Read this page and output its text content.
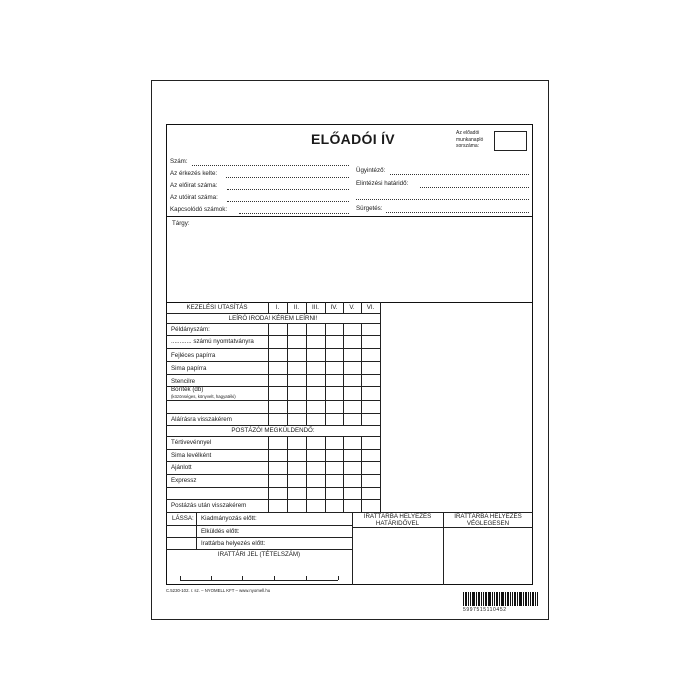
ELŐADÓI ÍV	Az előadói
munkanapló
sorszáma:
Szám:
Az érkezés kelte:
Az előirat száma:
Az utóirat száma:
Kapcsolódó számok:
Ügyintéző:
Elintézési határidő:
Sürgetés:
Tárgy:
KEZELÉSI UTASÍTÁS	I.	II.	III.	IV.	V.	VI.
LEÍRÓ IRODA! KÉREM LEÍRNI!
Példányszám:
............ számú nyomtatványra
Fejléces papírra
Sima papírra
Stencilre
Boríték (db)
(közönséges, könyvelt, hagyatéki)
Aláírásra visszakérem
POSTÁZÓ! MEGKÜLDENDŐ:
Tértivevénnyel
Sima levélként
Ajánlott
Expressz
Postázás után visszakérem
LÁSSA: Kiadmányozás előtt:
Elküldés előtt:
Irattárba helyezés előtt:
IRATTÁRI JEL (TÉTELSZÁM)
IRATTÁRBA HELYEZÉS
HATÁRIDŐVEL
IRATTÁRBA HELYEZÉS
VÉGLEGESEN
C.5230-102. r. sz. – NYOMELL KFT – www.nyomell.hu
5997515110452
